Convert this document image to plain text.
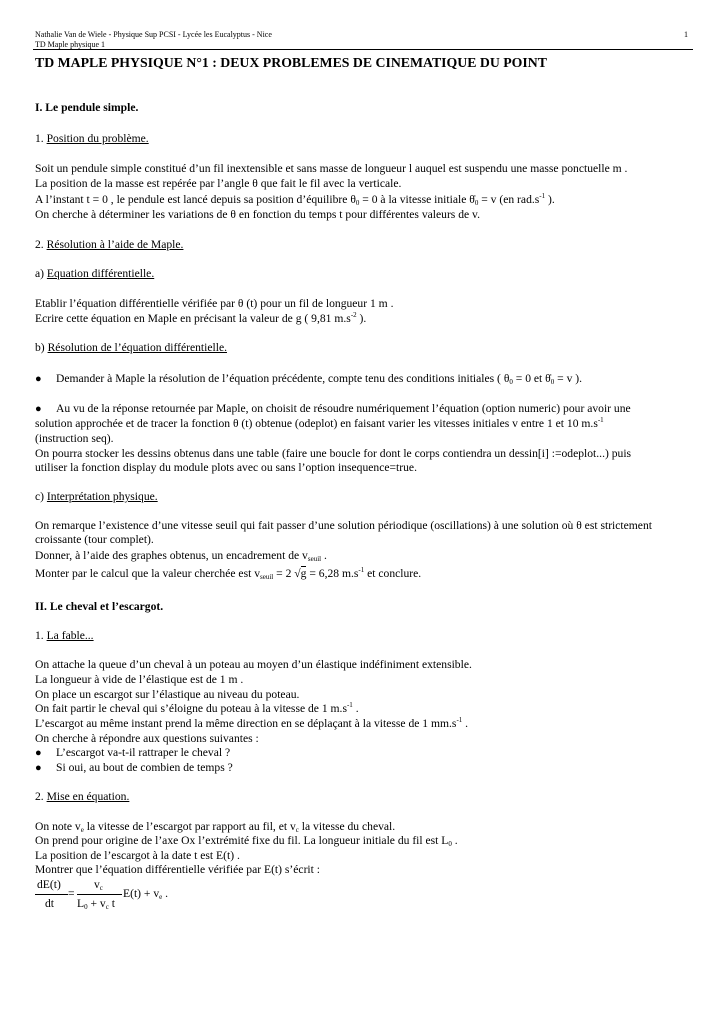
Nathalie Van de Wiele - Physique Sup PCSI - Lycée les Eucalyptus - Nice	1
TD Maple physique 1
TD MAPLE PHYSIQUE N°1 : DEUX PROBLEMES DE CINEMATIQUE DU POINT
I. Le pendule simple.
1. Position du problème.
Soit un pendule simple constitué d’un fil inextensible et sans masse de longueur l auquel est suspendu une masse ponctuelle m .
La position de la masse est repérée par l’angle θ que fait le fil avec la verticale.
A l’instant t = 0 , le pendule est lancé depuis sa position d’équilibre $\theta_0 = 0$ à la vitesse initiale $\thetȧ_0 = v$ (en $rad.s^{-1}$ ).
On cherche à déterminer les variations de θ en fonction du temps t pour différentes valeurs de v.
2. Résolution à l’aide de Maple.
a) Equation différentielle.
Etablir l’équation différentielle vérifiée par θ (t) pour un fil de longueur 1 m .
Ecrire cette équation en Maple en précisant la valeur de g ( 9,81 $m.s^{-2}$ ).
b) Résolution de l’équation différentielle.
● Demander à Maple la résolution de l’équation précédente, compte tenu des conditions initiales ( $\theta_0 = 0$ et $\thetȧ_0 = v$ ).
● Au vu de la réponse retournée par Maple, on choisit de résoudre numériquement l’équation (option numeric) pour avoir une
solution approchée et de tracer la fonction θ (t) obtenue (odeplot) en faisant varier les vitesses initiales v entre 1 et 10 $m.s^{-1}$
(instruction seq).
On pourra stocker les dessins obtenus dans une table (faire une boucle for dont le corps contiendra un dessin[i] :=odeplot...) puis
utiliser la fonction display du module plots avec ou sans l’option insequence=true.
c) Interprétation physique.
On remarque l’existence d’une vitesse seuil qui fait passer d’une solution périodique (oscillations) à une solution où θ est strictement
croissante (tour complet).
Donner, à l’aide des graphes obtenus, un encadrement de $v_{seuil}$ .
Monter par le calcul que la valeur cherchée est $v_{seuil} = 2$ √g = 6,28 $m.s^{-1}$ et conclure.
II. Le cheval et l’escargot.
1. La fable...
On attache la queue d’un cheval à un poteau au moyen d’un élastique indéfiniment extensible.
La longueur à vide de l’élastique est de 1 m .
On place un escargot sur l’élastique au niveau du poteau.
On fait partir le cheval qui s’éloigne du poteau à la vitesse de 1 $m.s^{-1}$ .
L’escargot au même instant prend la même direction en se déplaçant à la vitesse de 1 $mm.s^{-1}$ .
On cherche à répondre aux questions suivantes :
● L’escargot va-t-il rattraper le cheval ?
● Si oui, au bout de combien de temps ?
2. Mise en équation.
On note $v_e$ la vitesse de l’escargot par rapport au fil, et $v_c$ la vitesse du cheval.
On prend pour origine de l’axe Ox l’extrémité fixe du fil. La longueur initiale du fil est $L_0$ .
La position de l’escargot à la date t est E(t) .
Montrer que l’équation différentielle vérifiée par E(t) s’écrit :
dE(t)
dt
=
$v_c$
$L_0 + v_c$ t
$E(t) + v_e$ .
